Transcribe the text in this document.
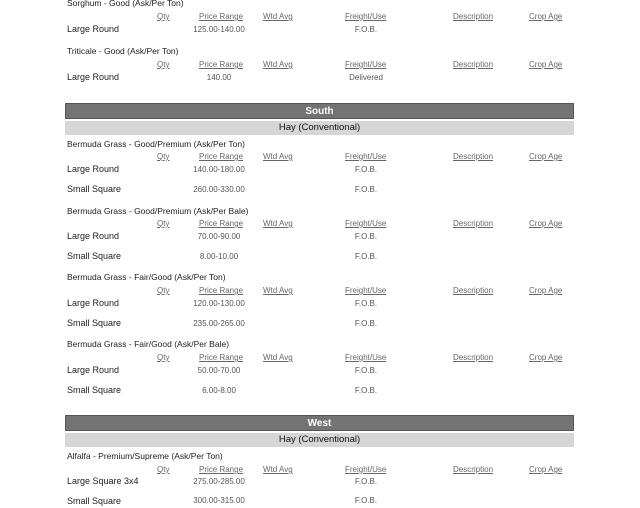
Sorghum - Good (Ask/Per Ton)
Qty	Price Range Wtd Avg	Freight/Use	Description	Crop Age
Large Round	125.00-140.00	F.O.B.
Triticale - Good (Ask/Per Ton)
Qty	Price Range Wtd Avg	Freight/Use	Description	Crop Age
Large Round	140.00	Delivered
South
Hay (Conventional)
Bermuda Grass - Good/Premium (Ask/Per Ton)
Qty	Price Range Wtd Avg	Freight/Use	Description	Crop Age
Large Round	140.00-180.00	F.O.B.
Small Square	260.00-330.00	F.O.B.
Bermuda Grass - Good/Premium (Ask/Per Bale)
Qty	Price Range Wtd Avg	Freight/Use	Description	Crop Age
Large Round	70.00-90.00	F.O.B.
Small Square	8.00-10.00	F.O.B.
Bermuda Grass - Fair/Good (Ask/Per Ton)
Qty	Price Range Wtd Avg	Freight/Use	Description	Crop Age
Large Round	120.00-130.00	F.O.B.
Small Square	235.00-265.00	F.O.B.
Bermuda Grass - Fair/Good (Ask/Per Bale)
Qty	Price Range Wtd Avg	Freight/Use	Description	Crop Age
Large Round	50.00-70.00	F.O.B.
Small Square	6.00-8.00	F.O.B.
West
Hay (Conventional)
Alfalfa - Premium/Supreme (Ask/Per Ton)
Qty	Price Range Wtd Avg	Freight/Use	Description	Crop Age
Large Square 3x4	275.00-285.00	F.O.B.
Small Square	300.00-315.00	F.O.B.
